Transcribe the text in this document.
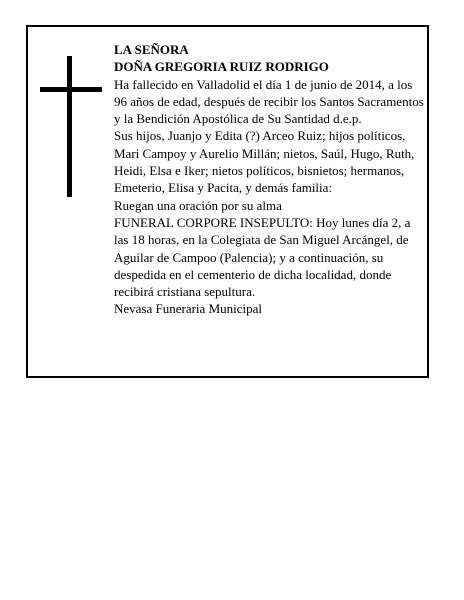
LA SEÑORA

DOÑA GREGORIA RUIZ RODRIGO

Ha fallecido en Valladolid el día 1 de junio de 2014, a los 96 años de edad, después de recibir los Santos Sacramentos y la Bendición Apostólica de Su Santidad d.e.p.

Sus hijos, Juanjo y Edita (?) Arceo Ruiz; hijos políticos, Mari Campoy y Aurelio Millán; nietos, Saúl, Hugo, Ruth, Heidi, Elsa e Iker; nietos políticos, bisnietos; hermanos, Emeterio, Elisa y Pacita, y demás familia:

Ruegan una oración por su alma

FUNERAL CORPORE INSEPULTO: Hoy lunes día 2, a las 18 horas, en la Colegiata de San Miguel Arcángel, de Aguilar de Campoo (Palencia); y a continuación, su despedida en el cementerio de dicha localidad, donde recibirá cristiana sepultura.

Nevasa Funeraria Municipal
